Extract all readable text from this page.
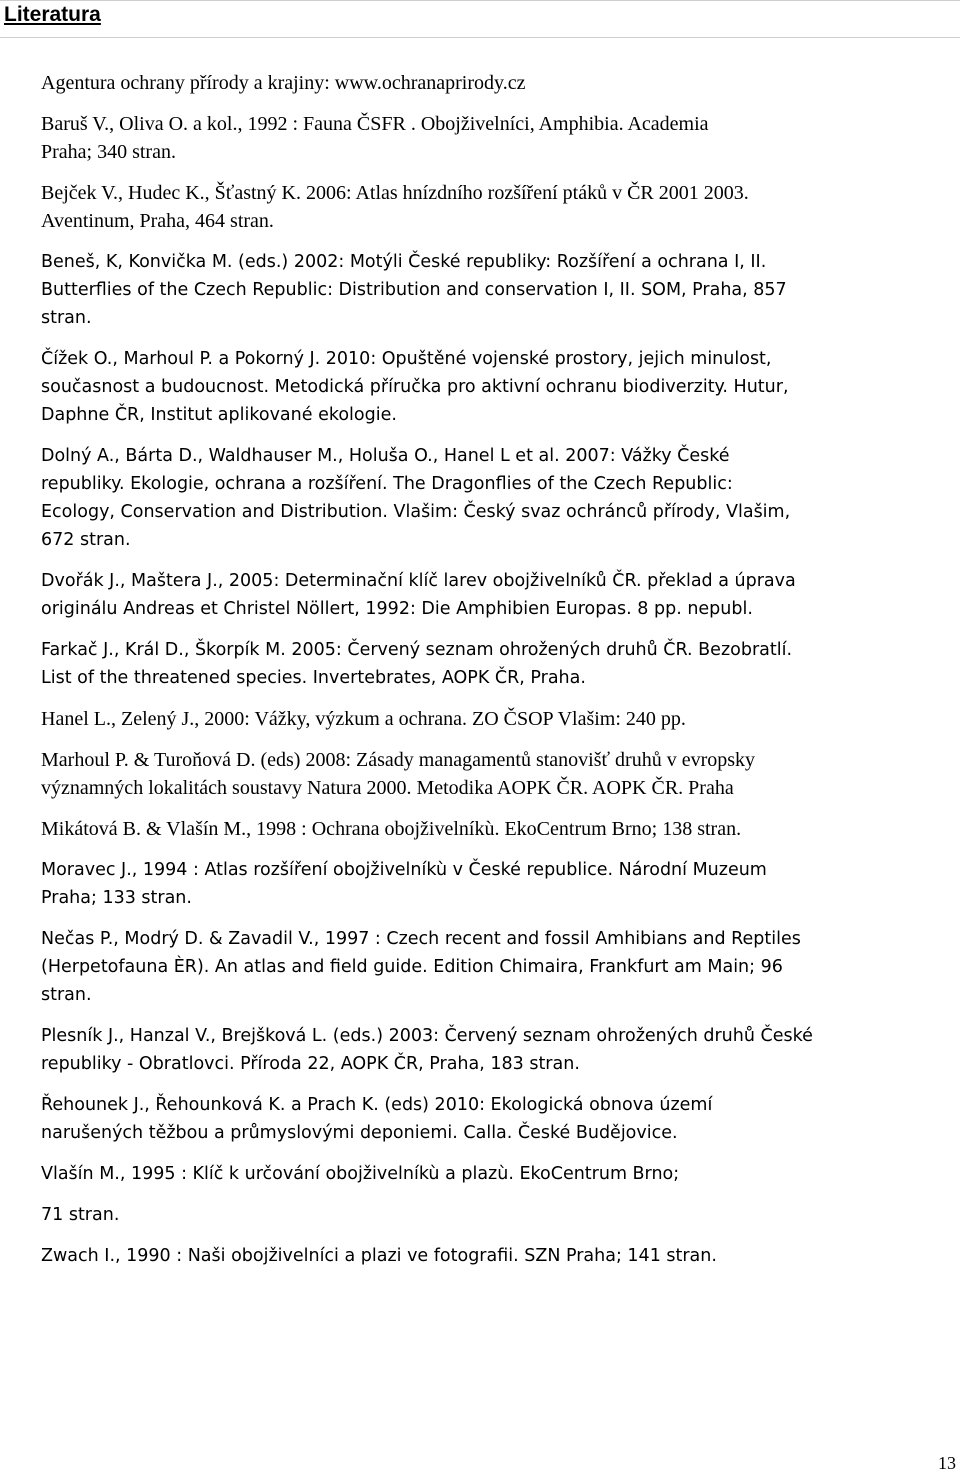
Literatura
Agentura ochrany přírody a krajiny: www.ochranaprirody.cz
Baruš V., Oliva O. a kol., 1992 : Fauna ČSFR . Obojživelníci, Amphibia. Academia
Praha; 340 stran.
Bejček V., Hudec K., Šťastný K. 2006: Atlas hnízdního rozšíření ptáků v ČR 2001 2003.
Aventinum, Praha, 464 stran.
Beneš, K, Konvička M. (eds.) 2002: Motýli České republiky: Rozšíření a ochrana I, II.
Butterflies of the Czech Republic: Distribution and conservation I, II. SOM, Praha, 857
stran.
Čížek O., Marhoul P. a Pokorný J. 2010: Opuštěné vojenské prostory, jejich minulost,
současnost a budoucnost. Metodická příručka pro aktivní ochranu biodiverzity. Hutur,
Daphne ČR, Institut aplikované ekologie.
Dolný A., Bárta D., Waldhauser M., Holuša O., Hanel L et al. 2007: Vážky České
republiky. Ekologie, ochrana a rozšíření. The Dragonflies of the Czech Republic:
Ecology, Conservation and Distribution. Vlašim: Český svaz ochránců přírody, Vlašim,
672 stran.
Dvořák J., Maštera J., 2005: Determinační klíč larev obojživelníků ČR. překlad a úprava
originálu Andreas et Christel Nöllert, 1992: Die Amphibien Europas. 8 pp. nepubl.
Farkač J., Král D., Škorpík M. 2005: Červený seznam ohrožených druhů ČR. Bezobratlí.
List of the threatened species. Invertebrates, AOPK ČR, Praha.
Hanel L., Zelený J., 2000: Vážky, výzkum a ochrana. ZO ČSOP Vlašim: 240 pp.
Marhoul P. & Turoňová D. (eds) 2008: Zásady managamentů stanovišť druhů v evropsky
významných lokalitách soustavy Natura 2000. Metodika AOPK ČR. AOPK ČR. Praha
Mikátová B. & Vlašín M., 1998 : Ochrana obojživelníkù. EkoCentrum Brno; 138 stran.
Moravec J., 1994 : Atlas rozšíření obojživelníkù v České republice. Národní Muzeum
Praha; 133 stran.
Nečas P., Modrý D. & Zavadil V., 1997 : Czech recent and fossil Amhibians and Reptiles
(Herpetofauna ÈR). An atlas and field guide. Edition Chimaira, Frankfurt am Main; 96
stran.
Plesník J., Hanzal V., Brejšková L. (eds.) 2003: Červený seznam ohrožených druhů České
republiky - Obratlovci. Příroda 22, AOPK ČR, Praha, 183 stran.
Řehounek J., Řehounková K. a Prach K. (eds) 2010: Ekologická obnova území
narušených těžbou a průmyslovými deponiemi. Calla. České Budějovice.
Vlašín M., 1995 : Klíč k určování obojživelníkù a plazù. EkoCentrum Brno;
71 stran.
Zwach I., 1990 : Naši obojživelníci a plazi ve fotografii. SZN Praha; 141 stran.
13
